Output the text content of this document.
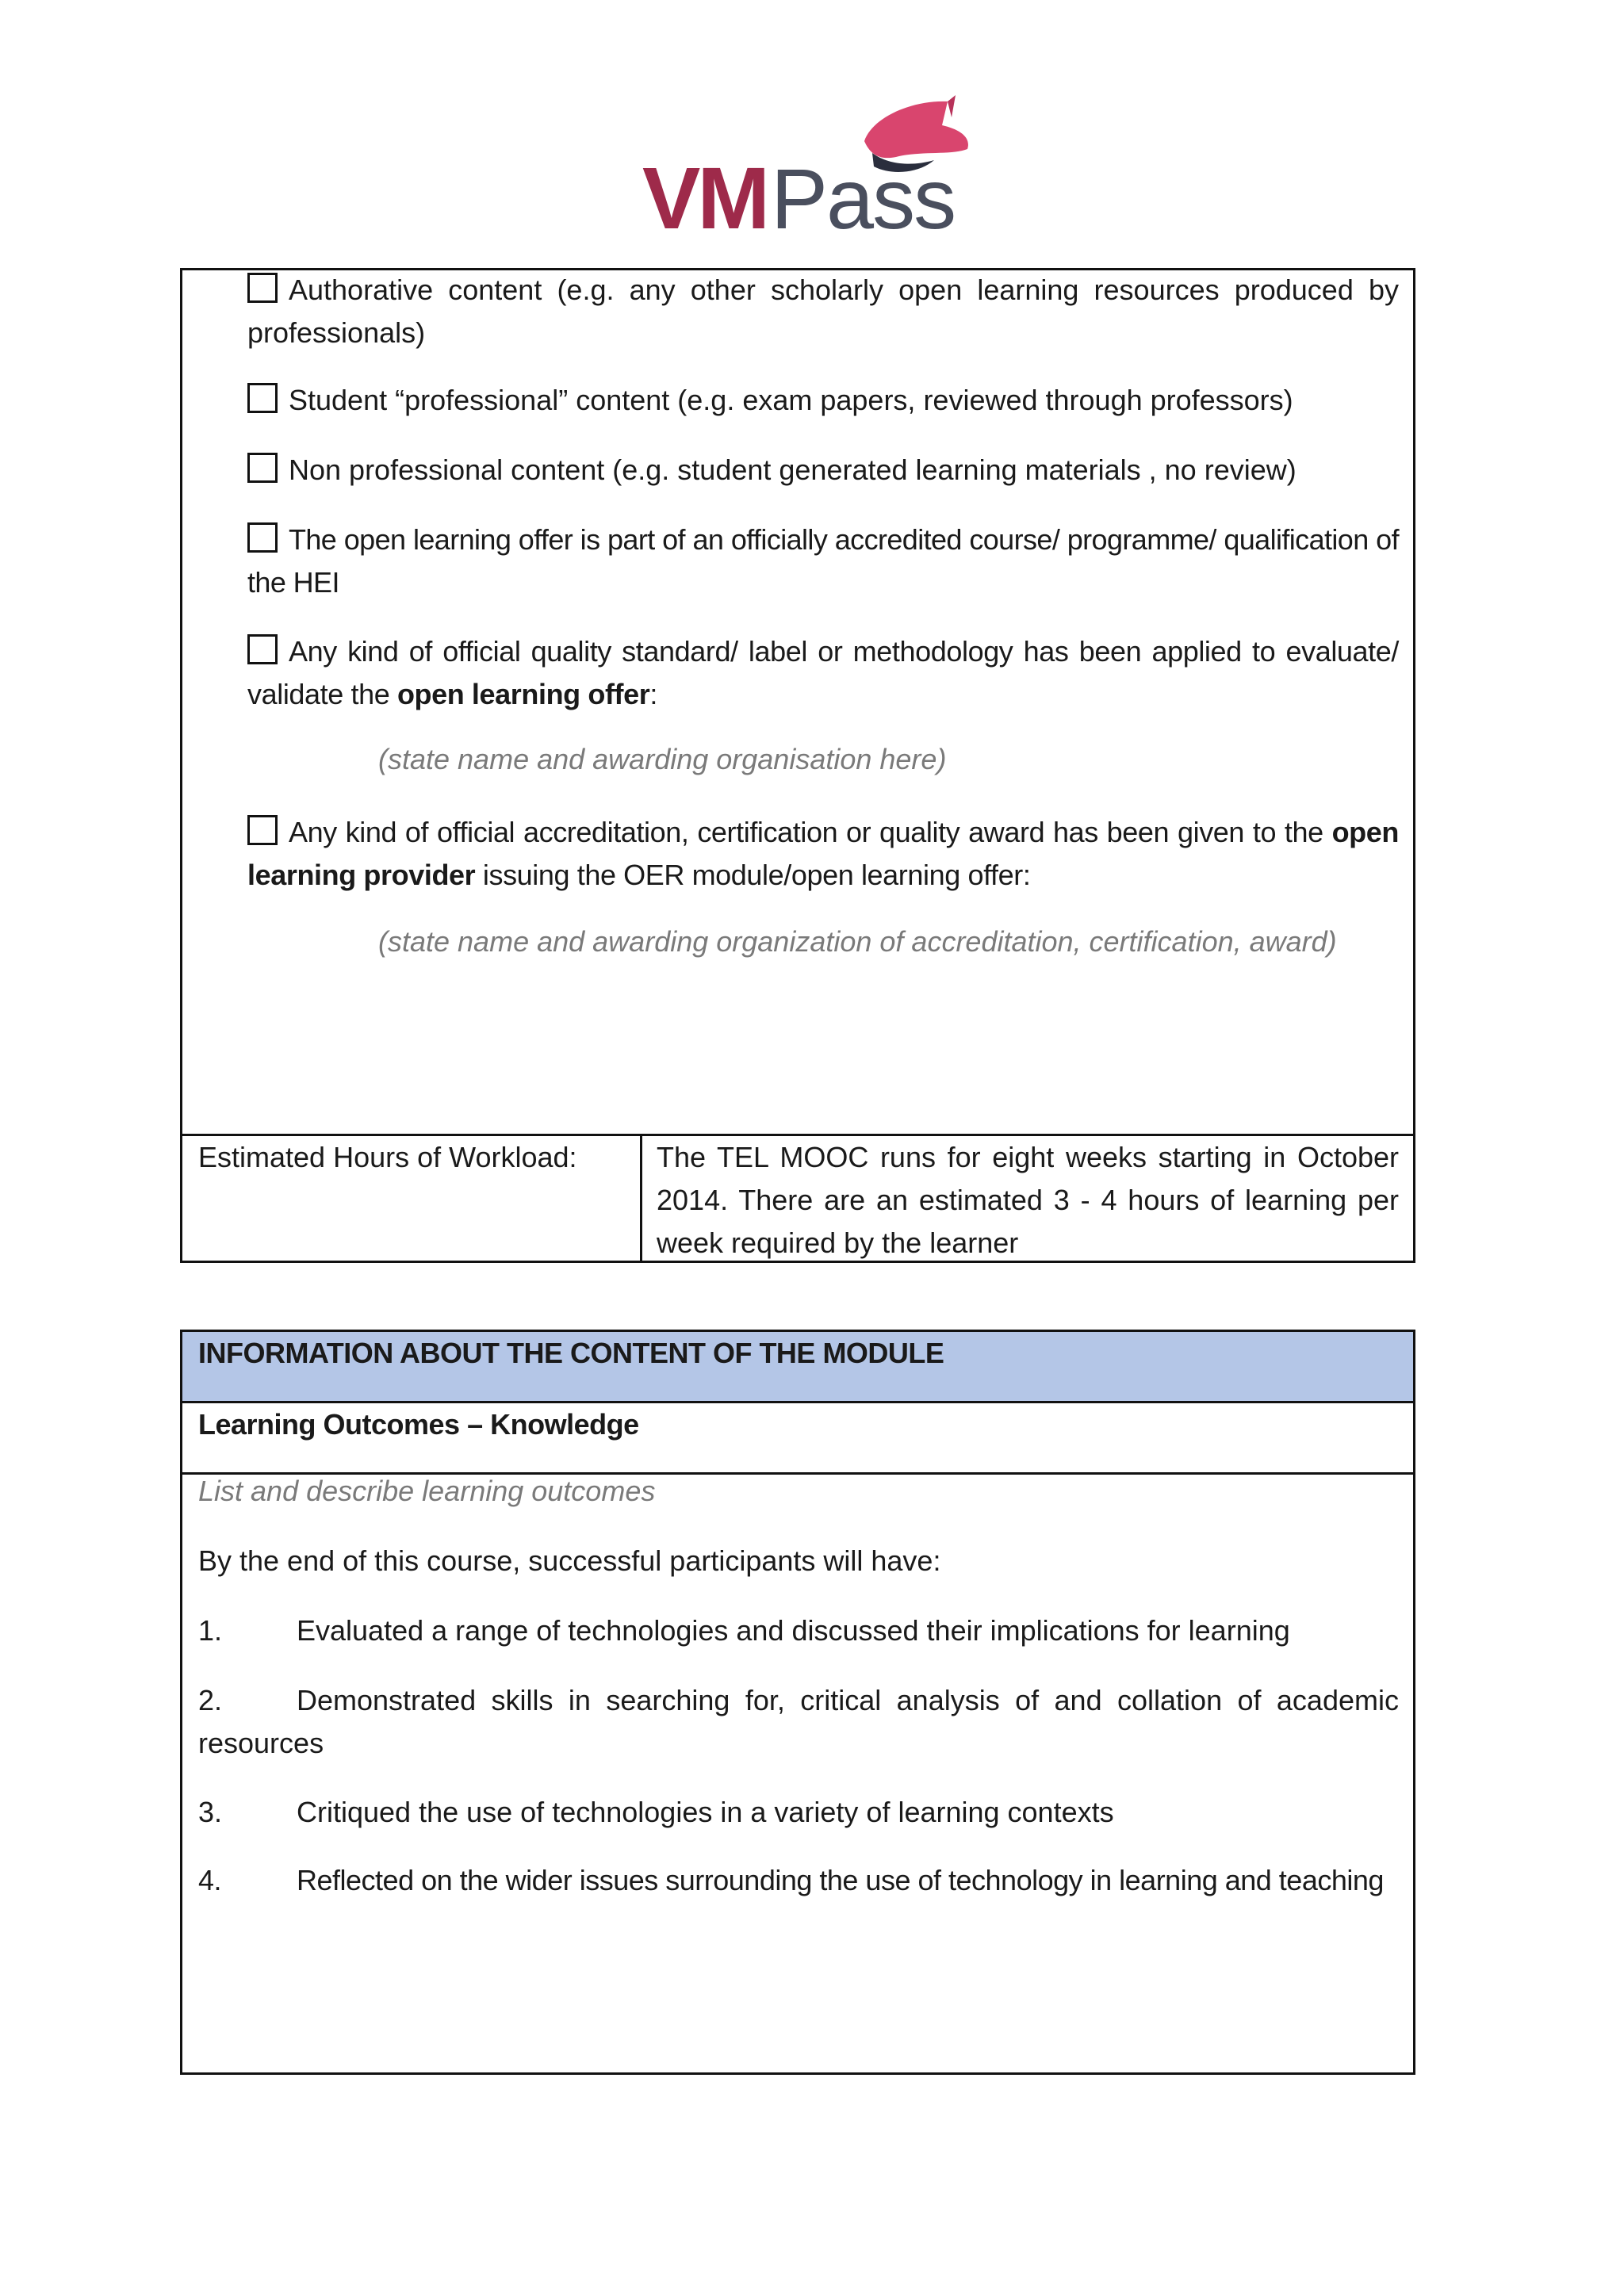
VM Pass
Authorative content (e.g. any other scholarly open learning resources produced by professionals)
Student “professional” content (e.g. exam papers, reviewed through professors)
Non professional content (e.g. student generated learning materials , no review)
The open learning offer is part of an officially accredited course/ programme/ qualification of the HEI
Any kind of official quality standard/ label or methodology has been applied to evaluate/ validate the open learning offer:
(state name and awarding organisation here)
Any kind of official accreditation, certification or quality award has been given to the open learning provider issuing the OER module/open learning offer:
(state name and awarding organization of accreditation, certification, award)
Estimated Hours of Workload:	The TEL MOOC runs for eight weeks starting in October 2014. There are an estimated 3 - 4 hours of learning per week required by the learner
INFORMATION ABOUT THE CONTENT OF THE MODULE
Learning Outcomes – Knowledge
List and describe learning outcomes
By the end of this course, successful participants will have:
1.	Evaluated a range of technologies and discussed their implications for learning
2.	Demonstrated skills in searching for, critical analysis of and collation of academic resources
3.	Critiqued the use of technologies in a variety of learning contexts
4.	Reflected on the wider issues surrounding the use of technology in learning and teaching
